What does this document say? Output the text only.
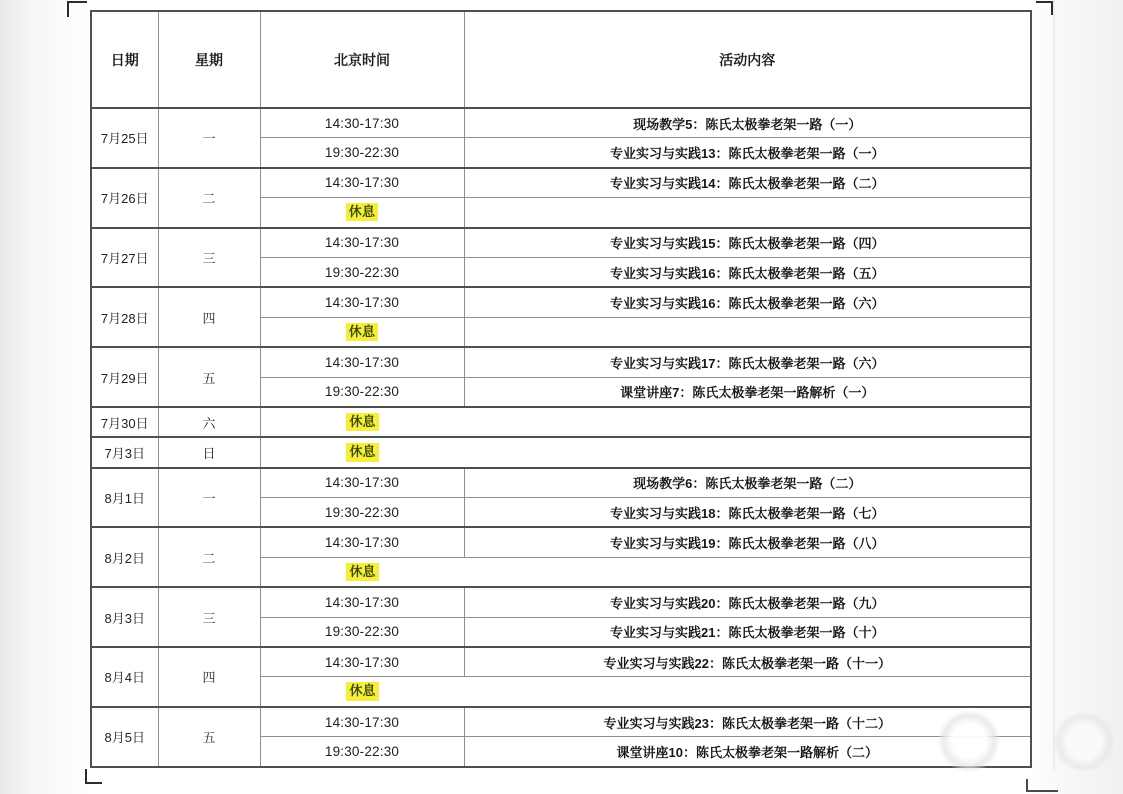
日期	星期	北京时间	活动内容
7月25日	一	14:30-17:30	现场教学5：陈氏太极拳老架一路（一）
		19:30-22:30	专业实习与实践13：陈氏太极拳老架一路（一）
7月26日	二	14:30-17:30	专业实习与实践14：陈氏太极拳老架一路（二）
		休息	
7月27日	三	14:30-17:30	专业实习与实践15：陈氏太极拳老架一路（四）
		19:30-22:30	专业实习与实践16：陈氏太极拳老架一路（五）
7月28日	四	14:30-17:30	专业实习与实践16：陈氏太极拳老架一路（六）
		休息	
7月29日	五	14:30-17:30	专业实习与实践17：陈氏太极拳老架一路（六）
		19:30-22:30	课堂讲座7：陈氏太极拳老架一路解析（一）
7月30日	六	休息	

7月3日	日	休息	

8月1日	一	14:30-17:30	现场教学6：陈氏太极拳老架一路（二）
		19:30-22:30	专业实习与实践18：陈氏太极拳老架一路（七）
8月2日	二	14:30-17:30	专业实习与实践19：陈氏太极拳老架一路（八）

		休息	

8月3日	三	14:30-17:30	专业实习与实践20：陈氏太极拳老架一路（九）
		19:30-22:30	专业实习与实践21：陈氏太极拳老架一路（十）
8月4日	四	14:30-17:30	专业实习与实践22：陈氏太极拳老架一路（十一）

		休息	

8月5日	五	14:30-17:30	专业实习与实践23：陈氏太极拳老架一路（十二）
		19:30-22:30	课堂讲座10：陈氏太极拳老架一路解析（二）
